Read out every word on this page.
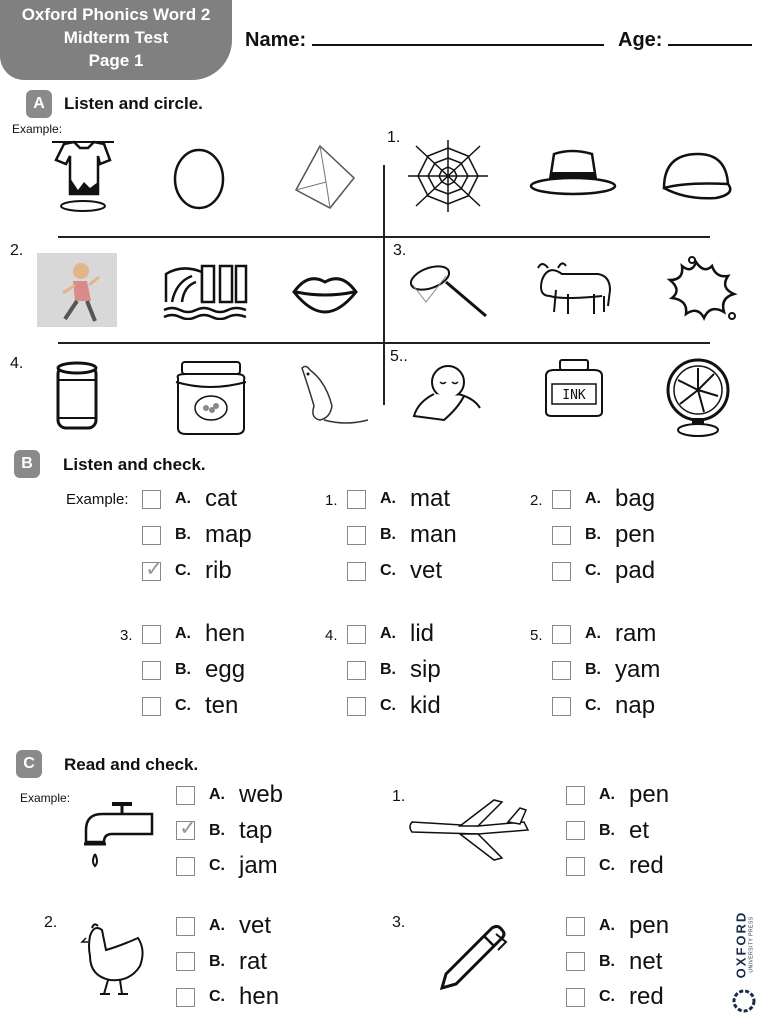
Oxford Phonics Word 2
Midterm Test
Page 1
Name:	Age:
A	Listen and circle.
Example:	1.
2.	3.
4.	5..
INK
B	Listen and check.
Example:	A. cat
B. map
✓ C. rib
1.	A. mat
B. man
C. vet
2.	A. bag
B. pen
C. pad
3.	A. hen
B. egg
C. ten
4.	A. lid
B. sip
C. kid
5.	A. ram
B. yam
C. nap
C	Read and check.
Example:	1.
2.	3.
A. web
✓ B. tap
C. jam
A. pen
B. et
C. red
A. vet
B. rat
C. hen
A. pen
B. net
C. red
OXFORD UNIVERSITY PRESS
